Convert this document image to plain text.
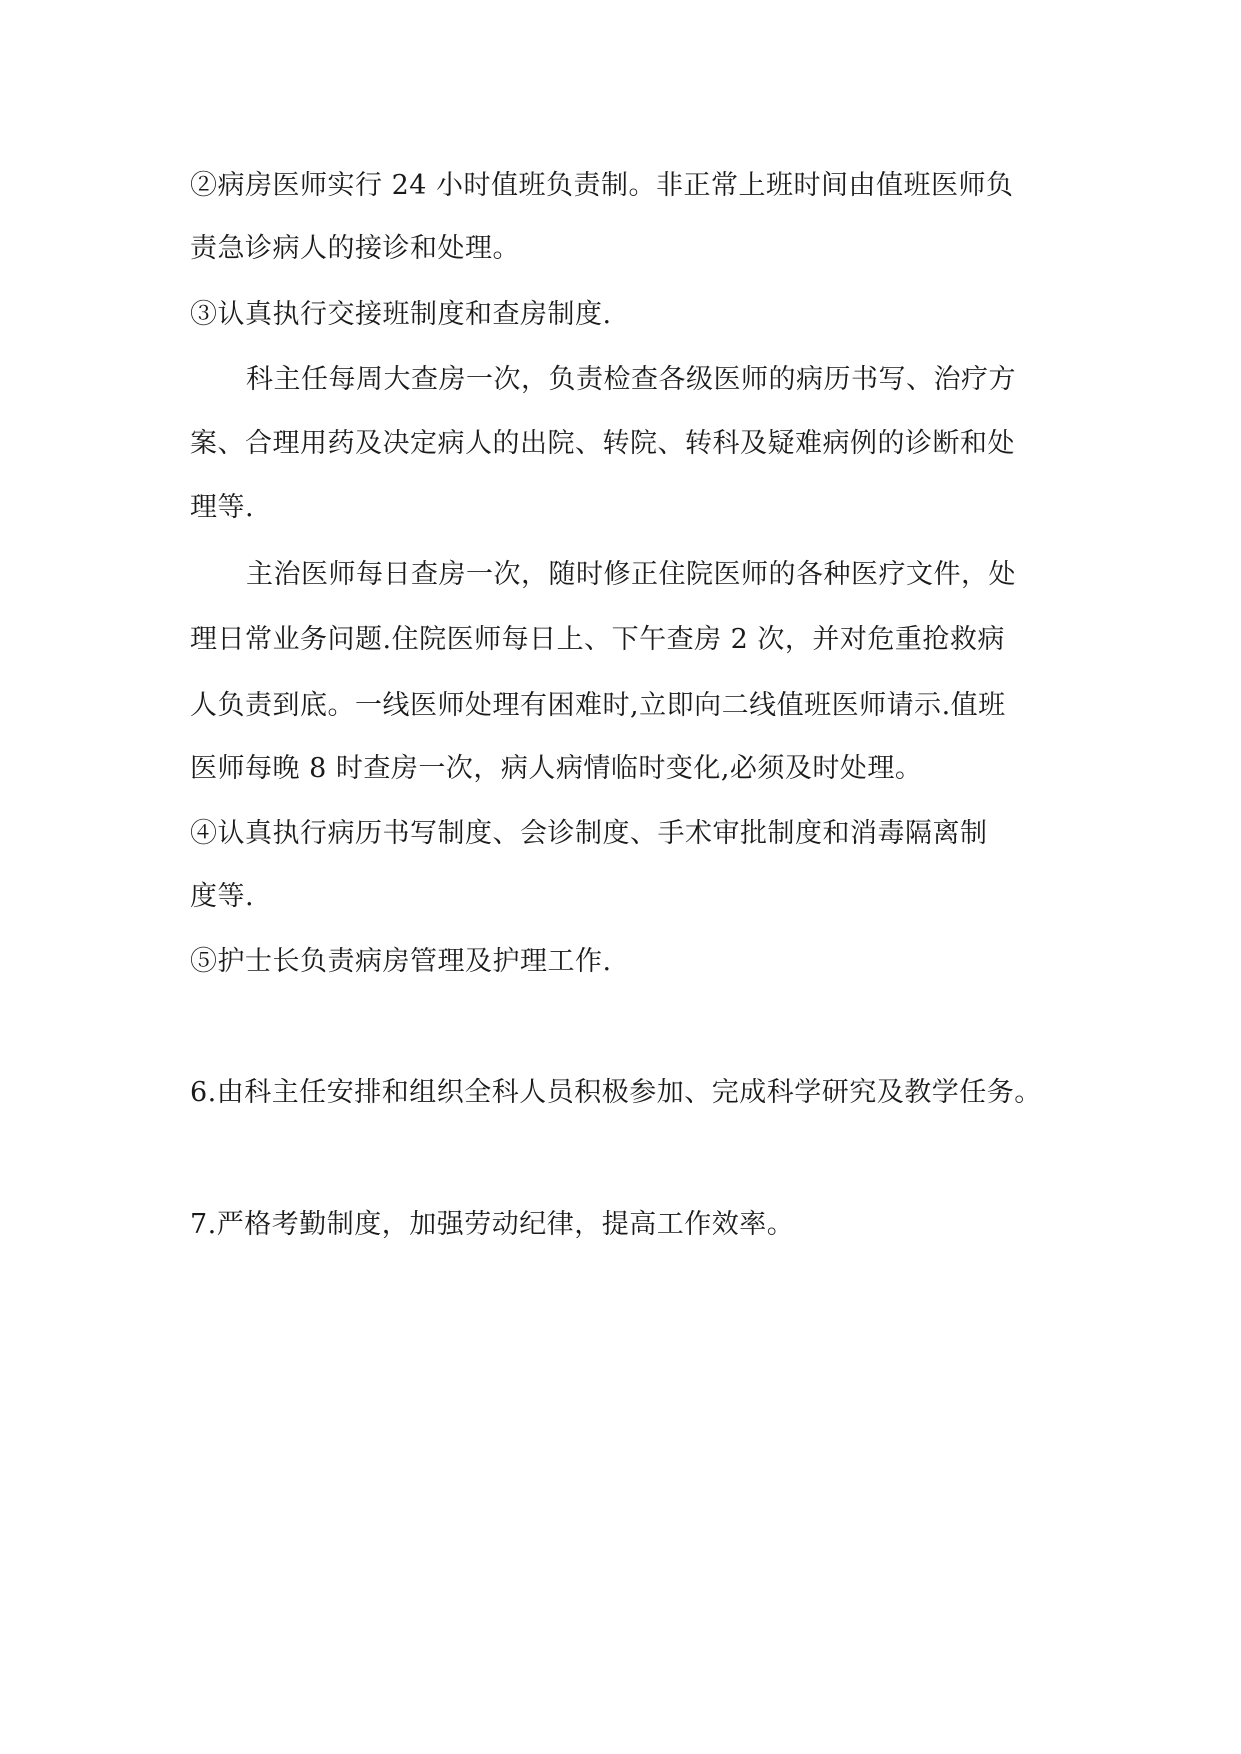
②病房医师实行 24 小时值班负责制。非正常上班时间由值班医师负
责急诊病人的接诊和处理。
③认真执行交接班制度和查房制度.
科主任每周大查房一次，负责检查各级医师的病历书写、治疗方
案、合理用药及决定病人的出院、转院、转科及疑难病例的诊断和处
理等.
主治医师每日查房一次，随时修正住院医师的各种医疗文件，处
理日常业务问题.住院医师每日上、下午查房 2 次，并对危重抢救病
人负责到底。一线医师处理有困难时,立即向二线值班医师请示.值班
医师每晚 8 时查房一次，病人病情临时变化,必须及时处理。
④认真执行病历书写制度、会诊制度、手术审批制度和消毒隔离制
度等.
⑤护士长负责病房管理及护理工作.
6.由科主任安排和组织全科人员积极参加、完成科学研究及教学任务。
7.严格考勤制度，加强劳动纪律，提高工作效率。
